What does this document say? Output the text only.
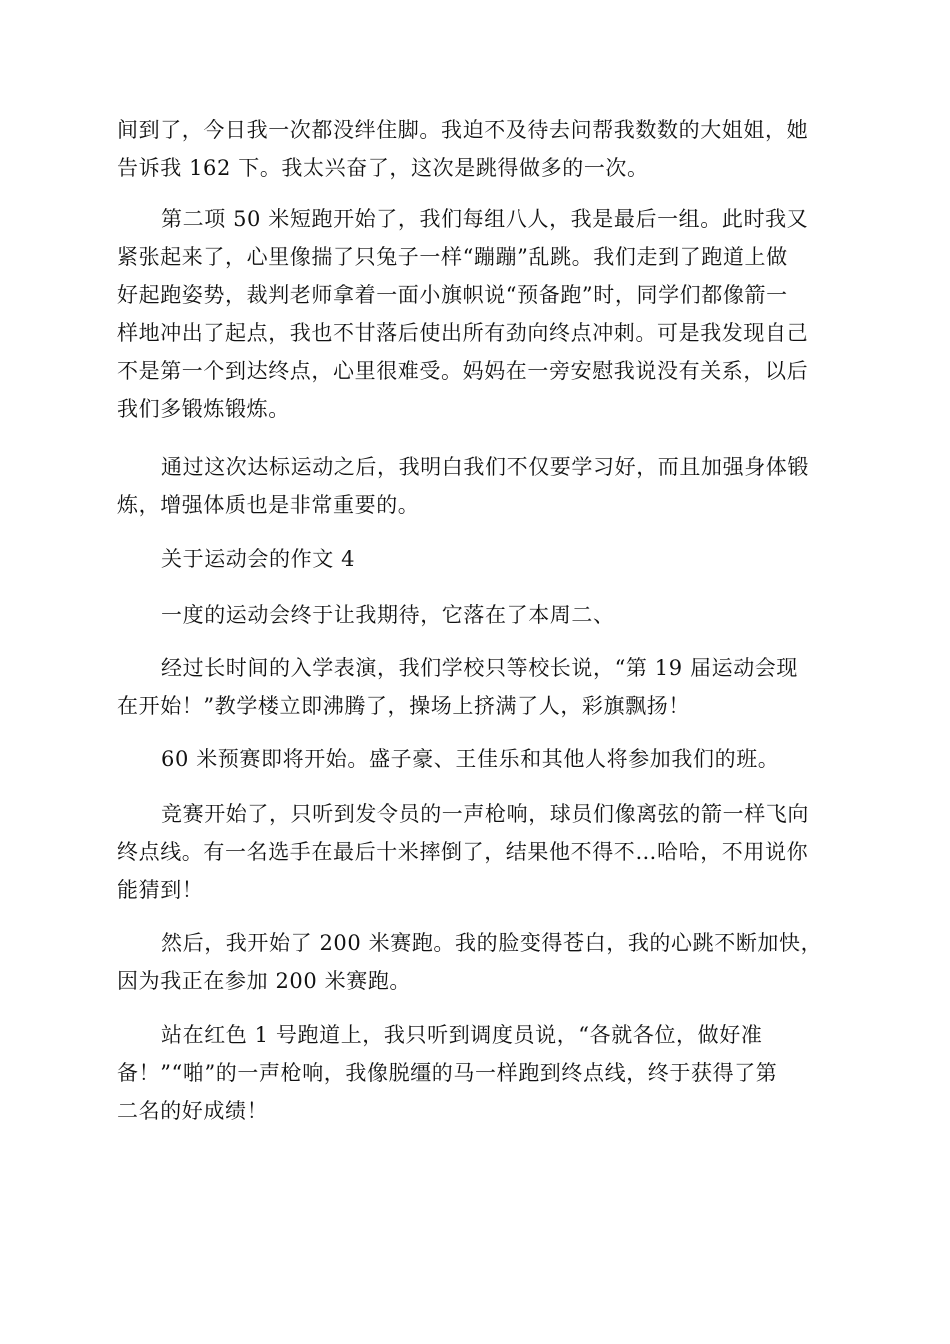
间到了，今日我一次都没绊住脚。我迫不及待去问帮我数数的大姐姐，她
告诉我 162 下。我太兴奋了，这次是跳得做多的一次。
第二项 50 米短跑开始了，我们每组八人，我是最后一组。此时我又
紧张起来了，心里像揣了只兔子一样“蹦蹦”乱跳。我们走到了跑道上做
好起跑姿势，裁判老师拿着一面小旗帜说“预备跑”时，同学们都像箭一
样地冲出了起点，我也不甘落后使出所有劲向终点冲刺。可是我发现自己
不是第一个到达终点，心里很难受。妈妈在一旁安慰我说没有关系，以后
我们多锻炼锻炼。
通过这次达标运动之后，我明白我们不仅要学习好，而且加强身体锻
炼，增强体质也是非常重要的。
关于运动会的作文 4
一度的运动会终于让我期待，它落在了本周二、
经过长时间的入学表演，我们学校只等校长说，“第 19 届运动会现
在开始！”教学楼立即沸腾了，操场上挤满了人，彩旗飘扬！
60 米预赛即将开始。盛子豪、王佳乐和其他人将参加我们的班。
竞赛开始了，只听到发令员的一声枪响，球员们像离弦的箭一样飞向
终点线。有一名选手在最后十米摔倒了，结果他不得不…哈哈，不用说你
能猜到！
然后，我开始了 200 米赛跑。我的脸变得苍白，我的心跳不断加快，
因为我正在参加 200 米赛跑。
站在红色 1 号跑道上，我只听到调度员说，“各就各位，做好准
备！”“啪”的一声枪响，我像脱缰的马一样跑到终点线，终于获得了第
二名的好成绩！
